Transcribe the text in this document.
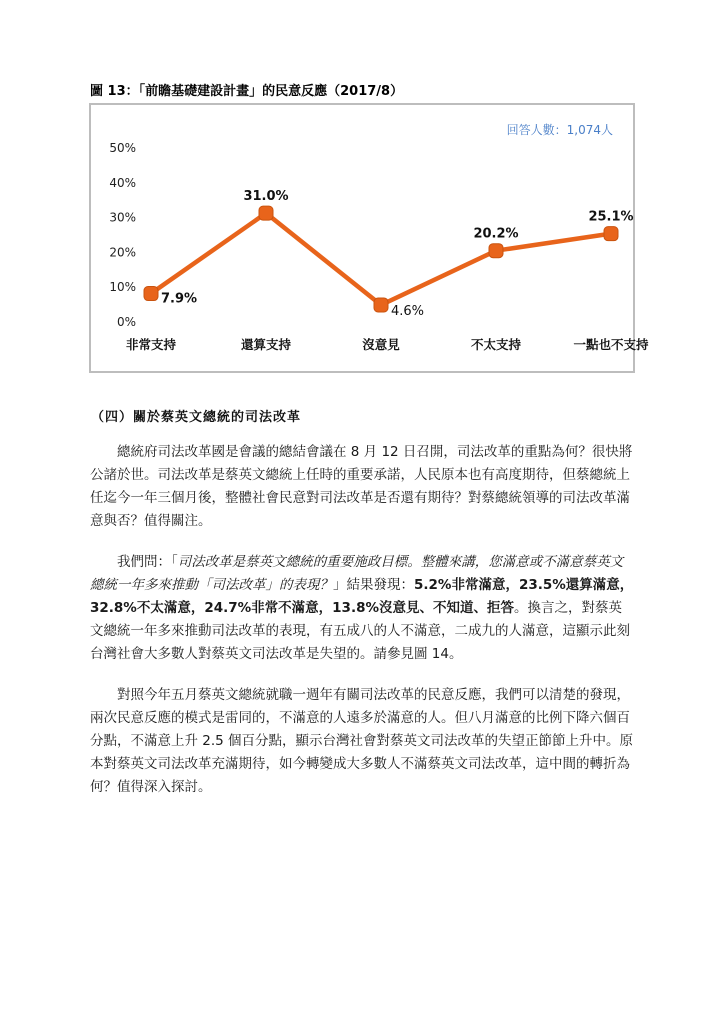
圖 13：「前瞻基礎建設計畫」的民意反應（2017/8）
回答人數：1,074人
0%
10%
20%
30%
40%
50%
非常支持	還算支持	沒意見	不太支持	一點也不支持
7.9%
31.0%
4.6%
20.2%
25.1%
（四）關於蔡英文總統的司法改革

總統府司法改革國是會議的總結會議在 8 月 12 日召開，司法改革的重點為何？很快將公諸於世。司法改革是蔡英文總統上任時的重要承諾，人民原本也有高度期待，但蔡總統上任迄今一年三個月後，整體社會民意對司法改革是否還有期待？對蔡總統領導的司法改革滿意與否？值得關注。

我們問：「司法改革是蔡英文總統的重要施政目標。整體來講，您滿意或不滿意蔡英文總統一年多來推動「司法改革」的表現？」結果發現：5.2%非常滿意，23.5%還算滿意，32.8%不太滿意，24.7%非常不滿意，13.8%沒意見、不知道、拒答。換言之，對蔡英文總統一年多來推動司法改革的表現，有五成八的人不滿意，二成九的人滿意，這顯示此刻台灣社會大多數人對蔡英文司法改革是失望的。請參見圖 14。

對照今年五月蔡英文總統就職一週年有關司法改革的民意反應，我們可以清楚的發現，兩次民意反應的模式是雷同的，不滿意的人遠多於滿意的人。但八月滿意的比例下降六個百分點，不滿意上升 2.5 個百分點，顯示台灣社會對蔡英文司法改革的失望正節節上升中。原本對蔡英文司法改革充滿期待，如今轉變成大多數人不滿蔡英文司法改革，這中間的轉折為何？值得深入探討。
